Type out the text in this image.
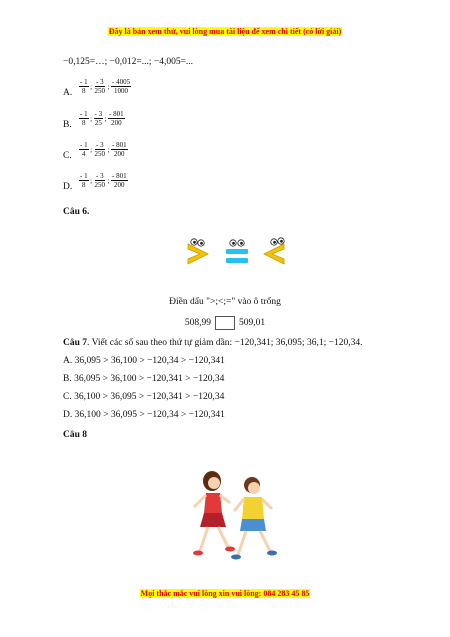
Đây là bản xem thử, vui lòng mua tài liệu để xem chi tiết (có lời giải)
−0,125=…; −0,012=...; −4,005=...
A. $\frac{- 1}{8}$ ; $\frac{- 3}{250}$ ; $\frac{- 4005}{1000}$
B. $\frac{- 1}{8}$ ; $\frac{- 3}{25}$ ; $\frac{- 801}{200}$
C. $\frac{- 1}{4}$ ; $\frac{- 3}{250}$ ; $\frac{- 801}{200}$
D. $\frac{- 1}{8}$ ; $\frac{- 3}{250}$ ; $\frac{- 801}{200}$
Câu 6.
Điền dấu ">;<;=" vào ô trống
508,99	509,01
Câu 7. Viết các số sau theo thứ tự giảm dần: −120,341; 36,095; 36,1; −120,34.
A. 36,095 > 36,100 > −120,34 > −120,341
B. 36,095 > 36,100 > −120,341 > −120,34
C. 36,100 > 36,095 > −120,341 > −120,34
D. 36,100 > 36,095 > −120,34 > −120,341
Câu 8
Mọi thắc mắc vui lòng xin vui lòng: 084 283 45 85
